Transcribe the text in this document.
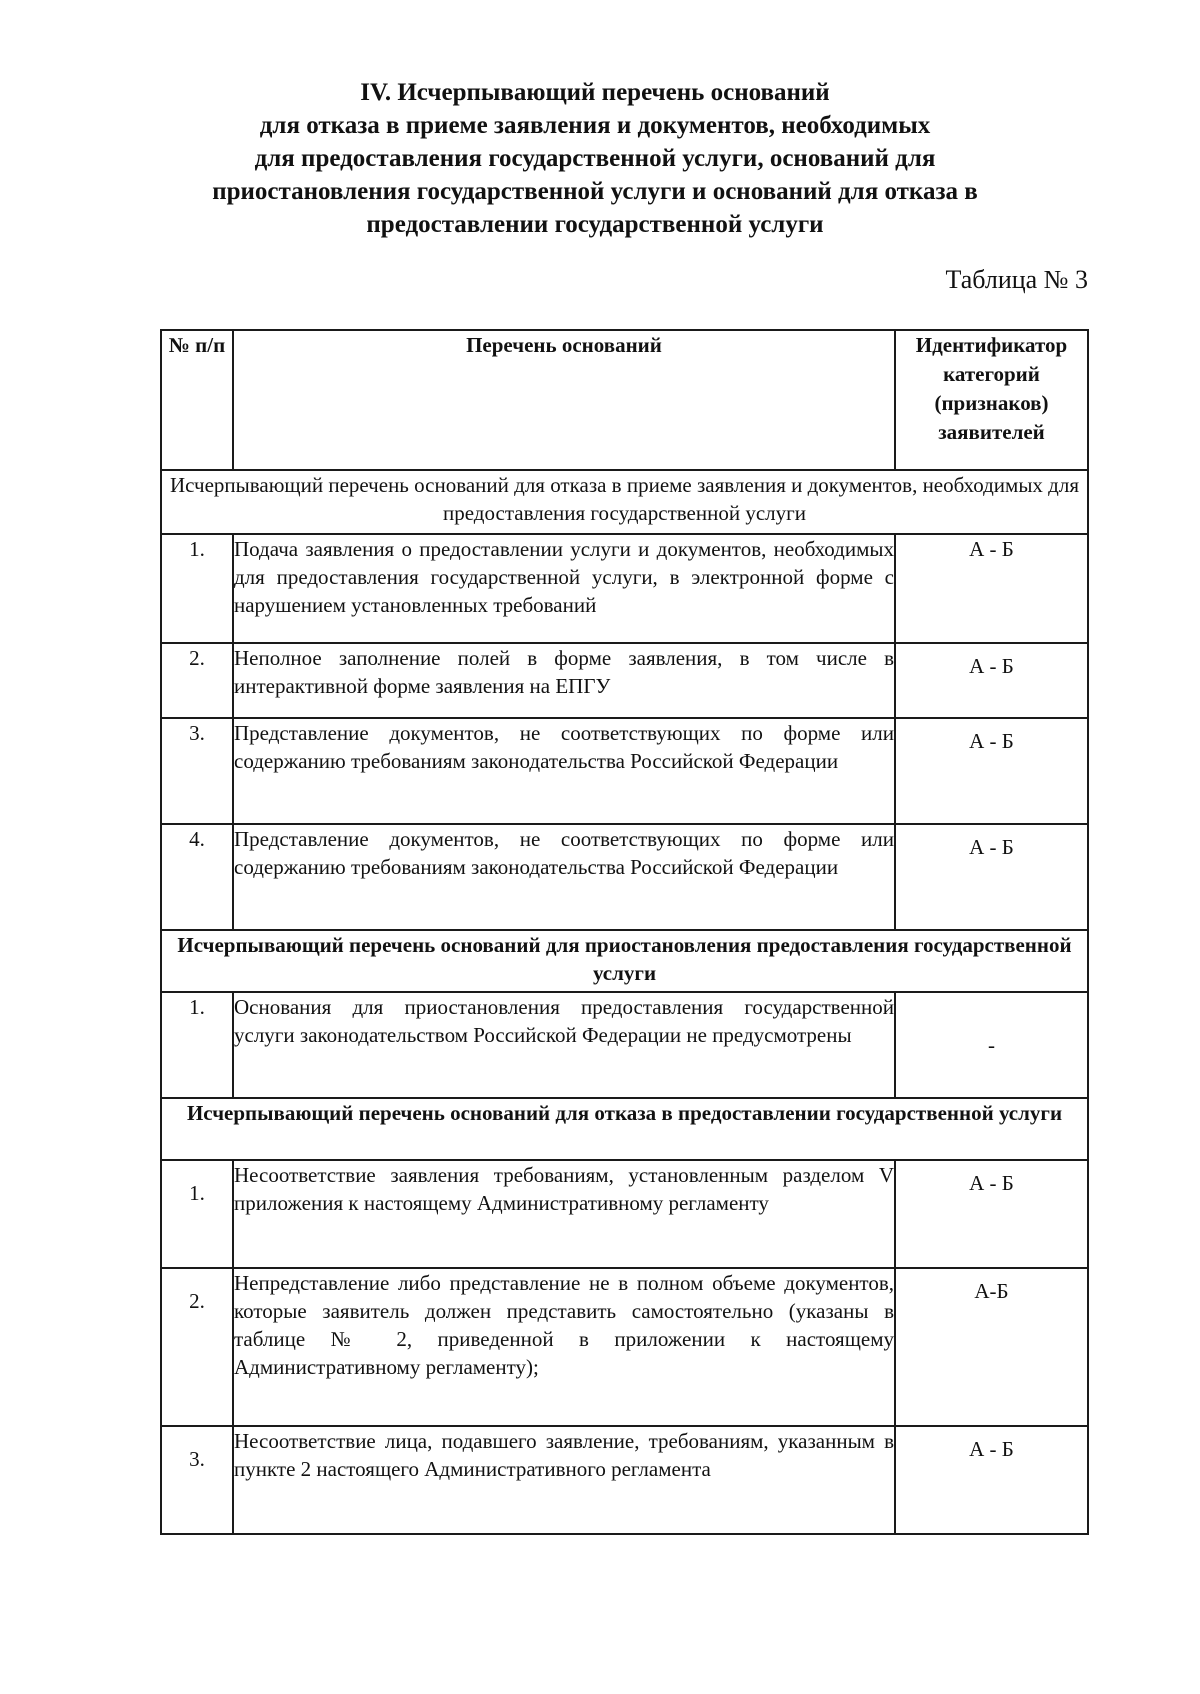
IV. Исчерпывающий перечень оснований
для отказа в приеме заявления и документов, необходимых
для предоставления государственной услуги, оснований для
приостановления государственной услуги и оснований для отказа в
предоставлении государственной услуги
Таблица № 3
№ п/п	Перечень оснований	Идентификатор категорий (признаков) заявителей
Исчерпывающий перечень оснований для отказа в приеме заявления и документов, необходимых для предоставления государственной услуги		
1.	Подача заявления о предоставлении услуги и документов, необходимых для предоставления государственной услуги, в электронной форме с нарушением установленных требований	А - Б
2.	Неполное заполнение полей в форме заявления, в том числе в интерактивной форме заявления на ЕПГУ	А - Б
3.	Представление документов, не соответствующих по форме или содержанию требованиям законодательства Российской Федерации	А - Б
4.	Представление документов, не соответствующих по форме или содержанию требованиям законодательства Российской Федерации	А - Б
Исчерпывающий перечень оснований для приостановления предоставления государственной услуги		
1.	Основания для приостановления предоставления государственной услуги законодательством Российской Федерации не предусмотрены	-
Исчерпывающий перечень оснований для отказа в предоставлении государственной услуги		
1.	Несоответствие заявления требованиям, установленным разделом V приложения к настоящему Административному регламенту	А - Б
2.	Непредставление либо представление не в полном объеме документов, которые заявитель должен представить самостоятельно (указаны в таблице № 2, приведенной в приложении к настоящему Административному регламенту);	А-Б
3.	Несоответствие лица, подавшего заявление, требованиям, указанным в пункте 2 настоящего Административного регламента	А - Б
